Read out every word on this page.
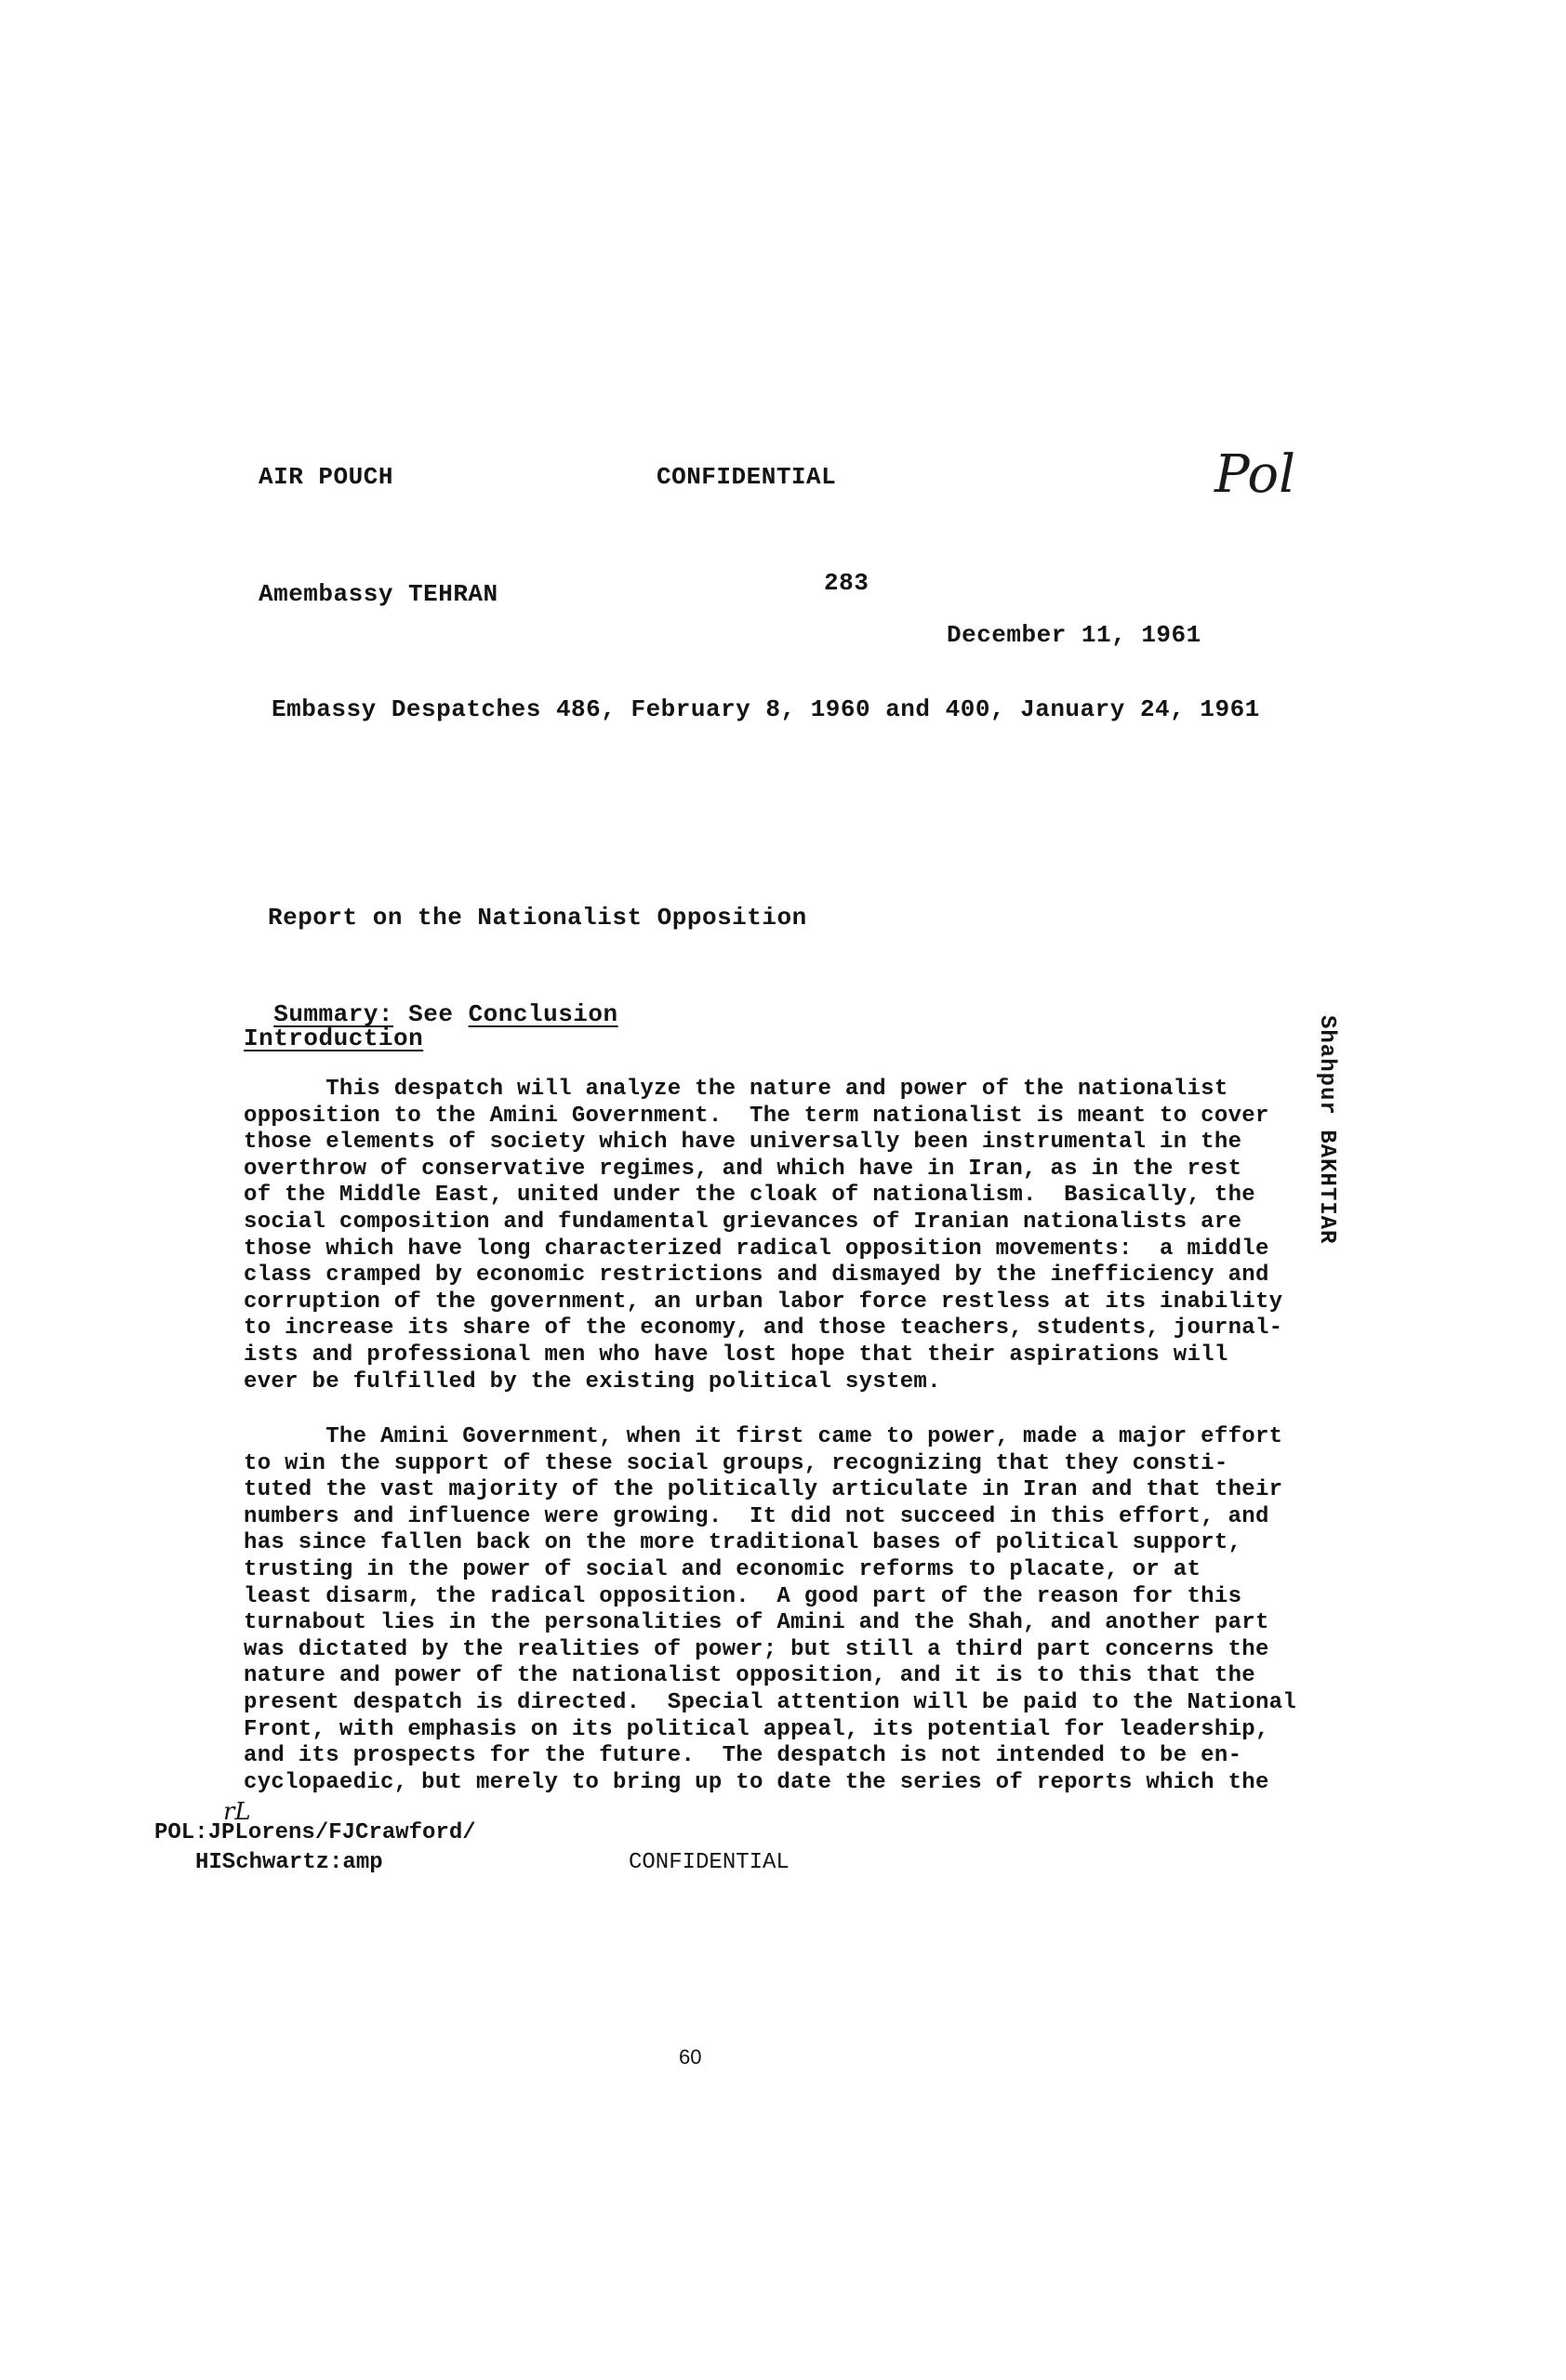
AIR POUCH	CONFIDENTIAL	Pol
Amembassy TEHRAN	283
December 11, 1961
Embassy Despatches 486, February 8, 1960 and 400, January 24, 1961
Report on the Nationalist Opposition

Summary: See Conclusion

Introduction
This despatch will analyze the nature and power of the nationalist
opposition to the Amini Government.  The term nationalist is meant to cover
those elements of society which have universally been instrumental in the
overthrow of conservative regimes, and which have in Iran, as in the rest
of the Middle East, united under the cloak of nationalism.  Basically, the
social composition and fundamental grievances of Iranian nationalists are
those which have long characterized radical opposition movements:  a middle
class cramped by economic restrictions and dismayed by the inefficiency and
corruption of the government, an urban labor force restless at its inability
to increase its share of the economy, and those teachers, students, journal-
ists and professional men who have lost hope that their aspirations will
ever be fulfilled by the existing political system.
Shahpur BAKHTIAR
The Amini Government, when it first came to power, made a major effort
to win the support of these social groups, recognizing that they consti-
tuted the vast majority of the politically articulate in Iran and that their
numbers and influence were growing.  It did not succeed in this effort, and
has since fallen back on the more traditional bases of political support,
trusting in the power of social and economic reforms to placate, or at
least disarm, the radical opposition.  A good part of the reason for this
turnabout lies in the personalities of Amini and the Shah, and another part
was dictated by the realities of power; but still a third part concerns the
nature and power of the nationalist opposition, and it is to this that the
present despatch is directed.  Special attention will be paid to the National
Front, with emphasis on its political appeal, its potential for leadership,
and its prospects for the future.  The despatch is not intended to be en-
cyclopaedic, but merely to bring up to date the series of reports which the
rL
POL:JPLorens/FJCrawford/
HISchwartz:amp	CONFIDENTIAL
60
